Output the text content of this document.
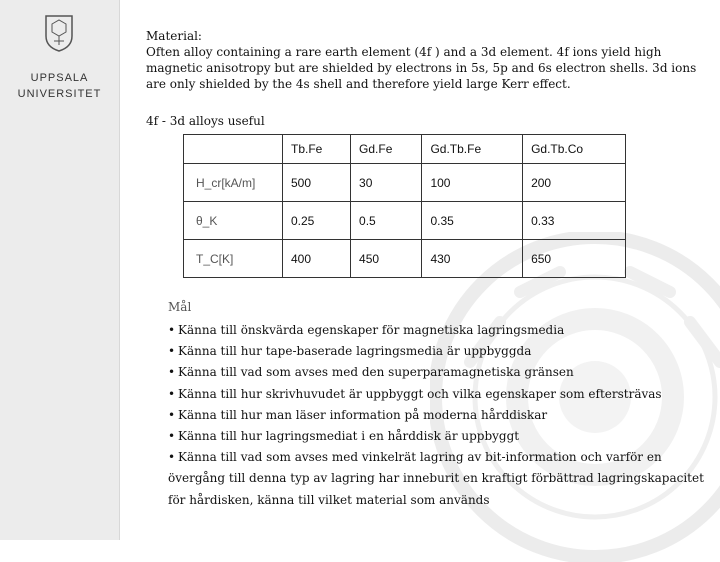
UPPSALA
UNIVERSITET

Material:

Often alloy containing a rare earth element (4f ) and a 3d element. 4f ions yield high magnetic anisotropy but are shielded by electrons in 5s, 5p and 6s electron shells. 3d ions are only shielded by the 4s shell and therefore yield large Kerr effect.

4f - 3d alloys useful
	Tb.Fe	Gd.Fe	Gd.Tb.Fe	Gd.Tb.Co
H_cr[kA/m]	500	30	100	200
θ_K	0.25	0.5	0.35	0.33
T_C[K]	400	450	430	650
Mål
• Känna till önskvärda egenskaper för magnetiska lagringsmedia
• Känna till hur tape-baserade lagringsmedia är uppbyggda
• Känna till vad som avses med den superparamagnetiska gränsen
• Känna till hur skrivhuvudet är uppbyggt och vilka egenskaper som eftersträvas
• Känna till hur man läser information på moderna hårddiskar
• Känna till hur lagringsmediat i en hårddisk är uppbyggt
• Känna till vad som avses med vinkelrät lagring av bit-information och varför en övergång till denna typ av lagring har inneburit en kraftigt förbättrad lagringskapacitet för hårdisken, känna till vilket material som används
